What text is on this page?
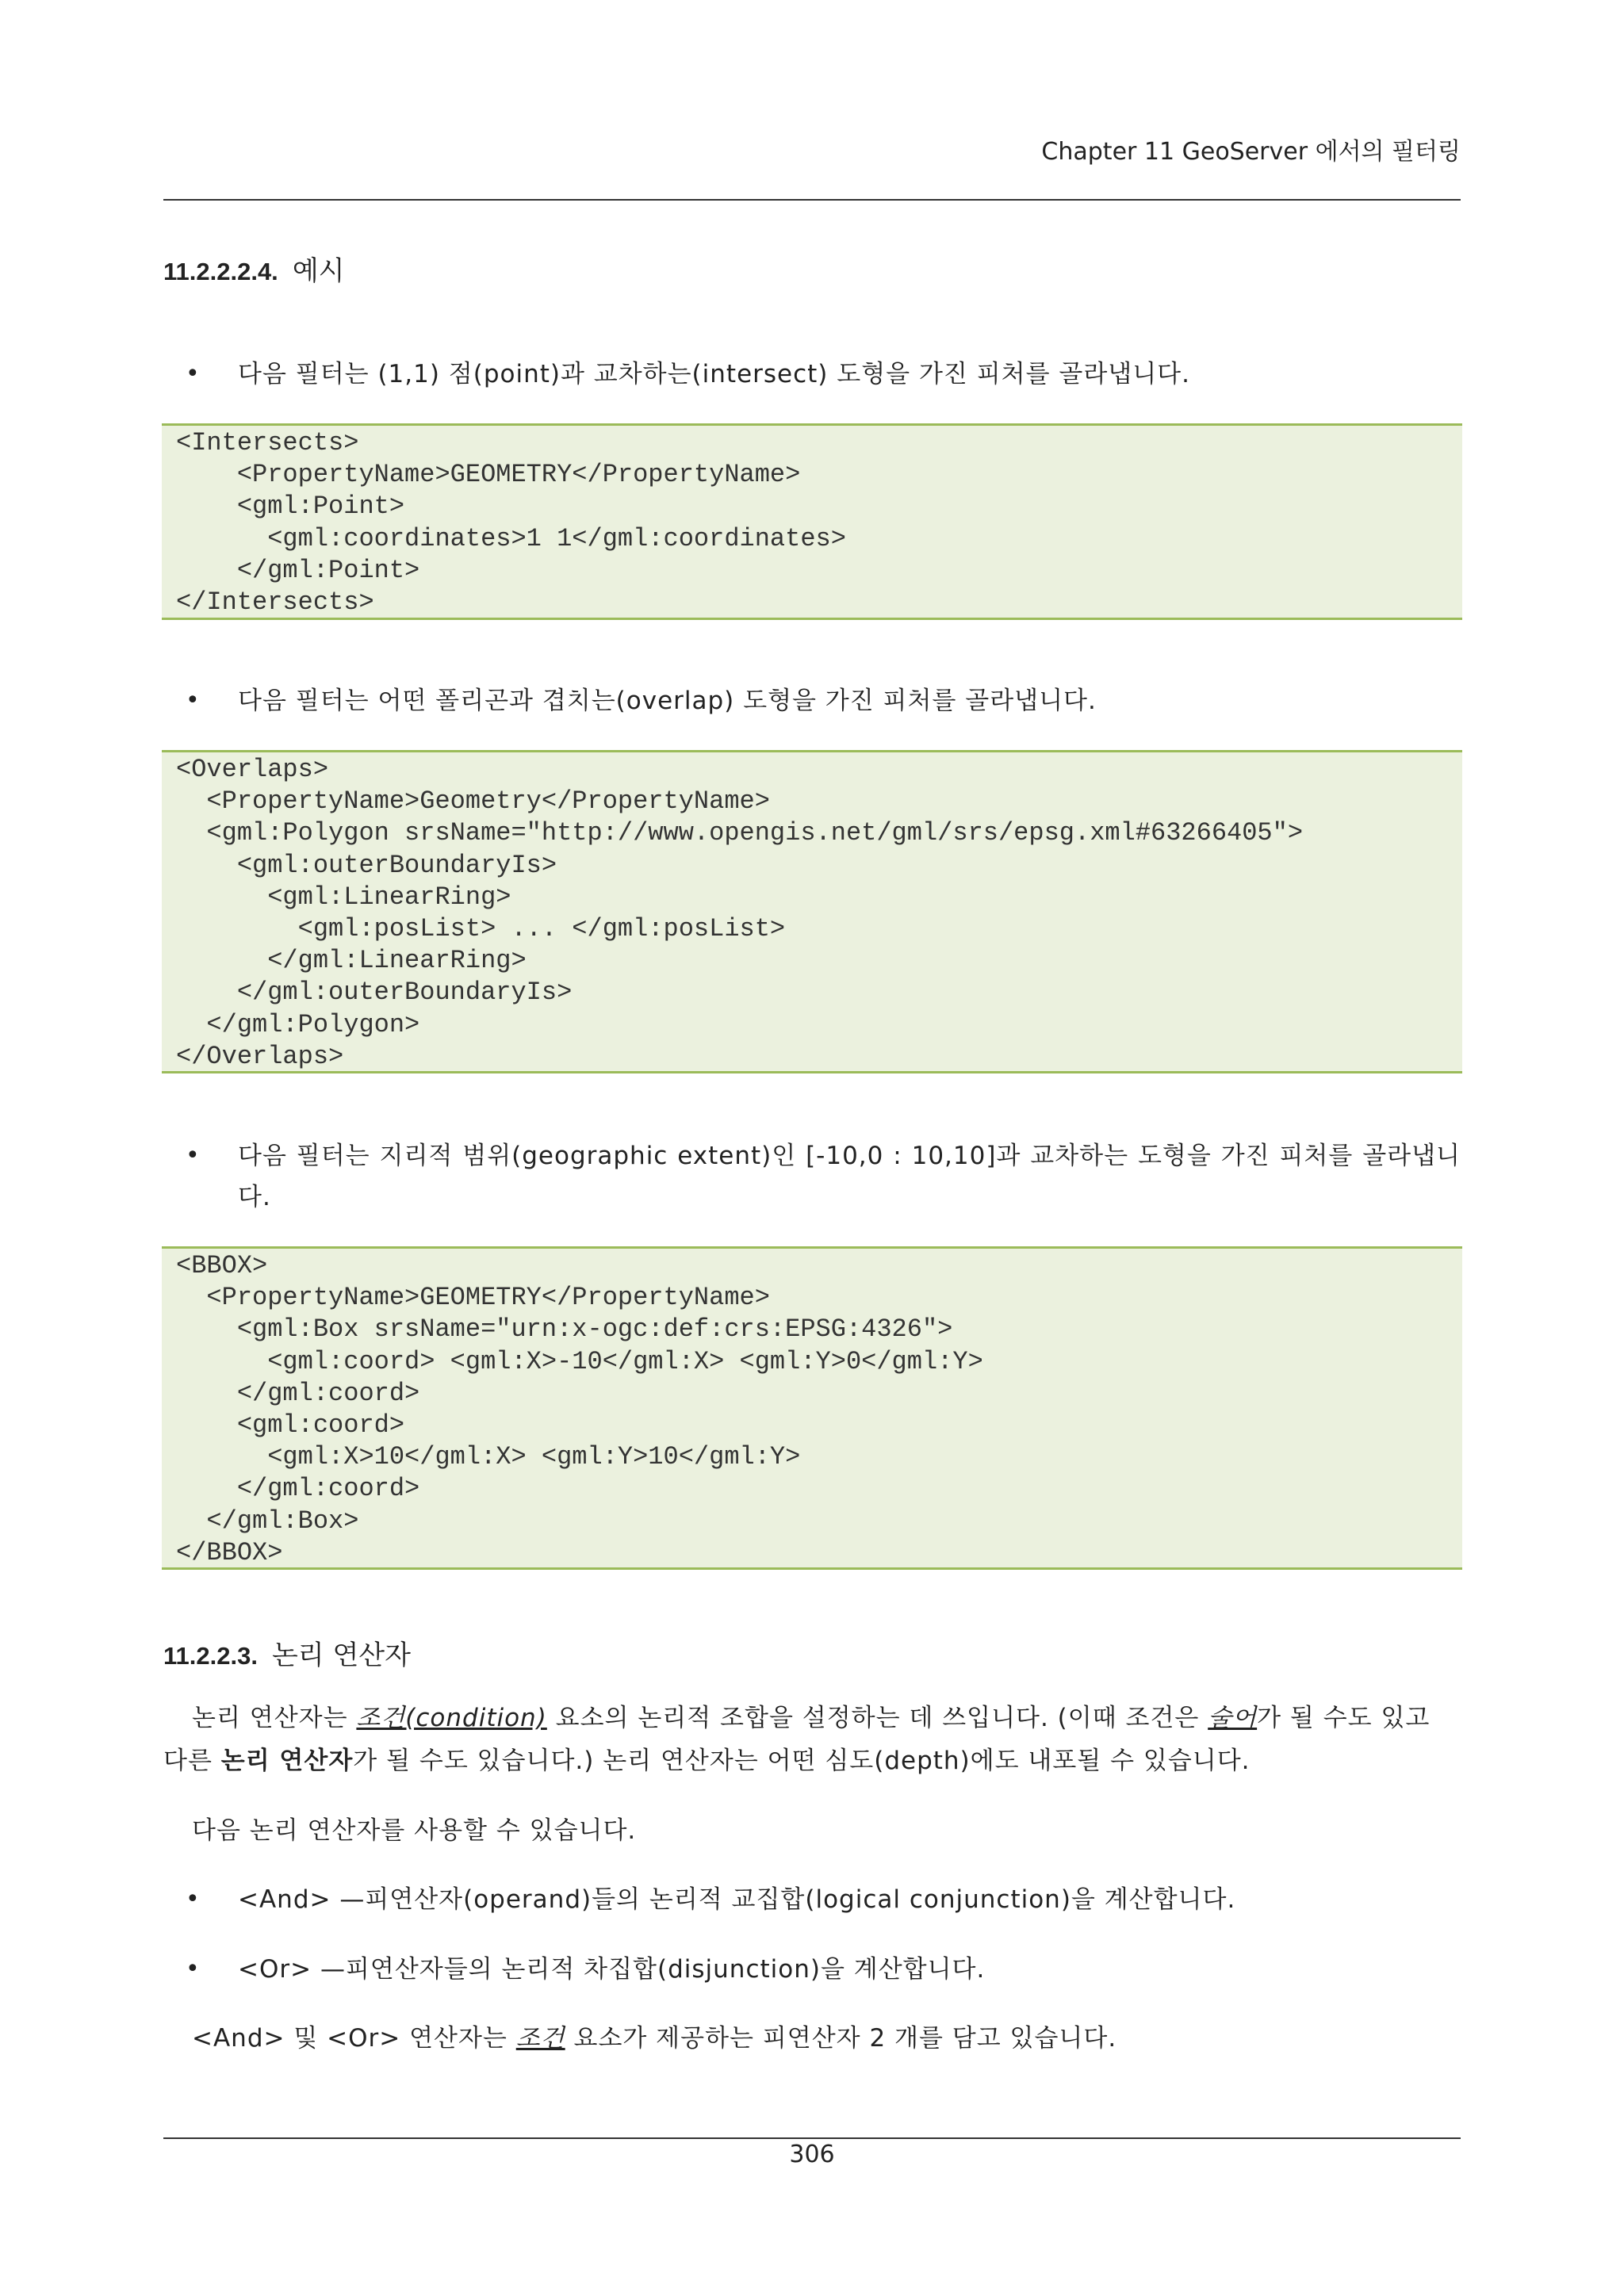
Chapter 11 GeoServer 에서의 필터링
11.2.2.2.4. 예시
• 다음 필터는 (1,1) 점(point)과 교차하는(intersect) 도형을 가진 피처를 골라냅니다.
<Intersects>
<PropertyName>GEOMETRY</PropertyName>
<gml:Point>
<gml:coordinates>1 1</gml:coordinates>
</gml:Point>
</Intersects>
• 다음 필터는 어떤 폴리곤과 겹치는(overlap) 도형을 가진 피처를 골라냅니다.
<Overlaps>
<PropertyName>Geometry</PropertyName>
<gml:Polygon srsName="http://www.opengis.net/gml/srs/epsg.xml#63266405">
<gml:outerBoundaryIs>
<gml:LinearRing>
<gml:posList> ... </gml:posList>
</gml:LinearRing>
</gml:outerBoundaryIs>
</gml:Polygon>
</Overlaps>
• 다음 필터는 지리적 범위(geographic extent)인 [-10,0 : 10,10]과 교차하는 도형을 가진 피처를 골라냅니다.
<BBOX>
<PropertyName>GEOMETRY</PropertyName>
<gml:Box srsName="urn:x-ogc:def:crs:EPSG:4326">
<gml:coord> <gml:X>-10</gml:X> <gml:Y>0</gml:Y>
</gml:coord>
<gml:coord>
<gml:X>10</gml:X> <gml:Y>10</gml:Y>
</gml:coord>
</gml:Box>
</BBOX>
11.2.2.3. 논리 연산자
논리 연산자는 조건(condition) 요소의 논리적 조합을 설정하는 데 쓰입니다. (이때 조건은 술어가 될 수도 있고 다른 논리 연산자가 될 수도 있습니다.) 논리 연산자는 어떤 심도(depth)에도 내포될 수 있습니다.
다음 논리 연산자를 사용할 수 있습니다.
• <And> —피연산자(operand)들의 논리적 교집합(logical conjunction)을 계산합니다.
• <Or> —피연산자들의 논리적 차집합(disjunction)을 계산합니다.
<And> 및 <Or> 연산자는 조건 요소가 제공하는 피연산자 2 개를 담고 있습니다.
306
